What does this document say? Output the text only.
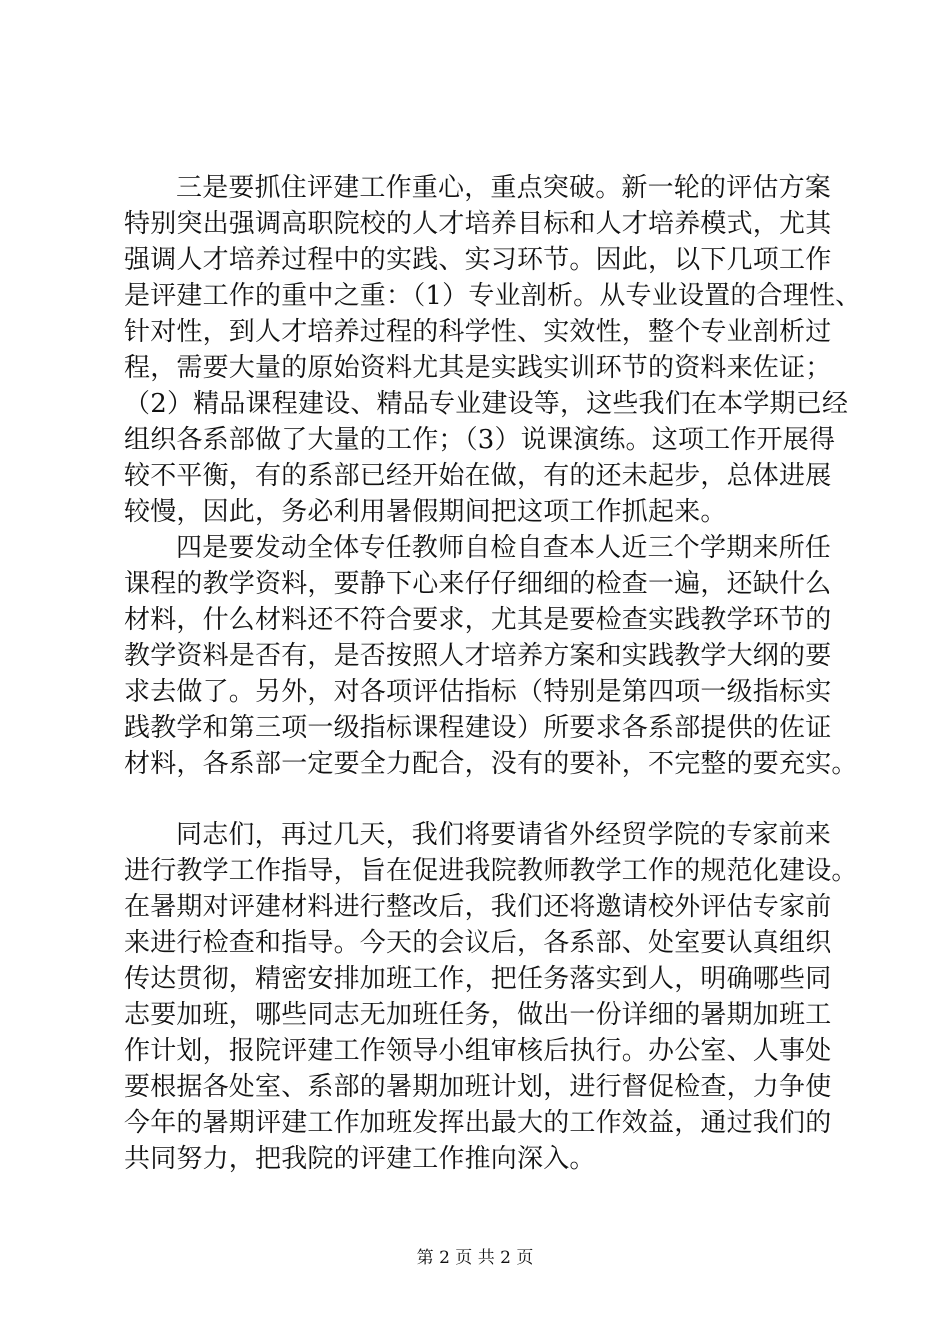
三是要抓住评建工作重心，重点突破。新一轮的评估方案
特别突出强调高职院校的人才培养目标和人才培养模式，尤其
强调人才培养过程中的实践、实习环节。因此，以下几项工作
是评建工作的重中之重：（1）专业剖析。从专业设置的合理性、
针对性，到人才培养过程的科学性、实效性，整个专业剖析过
程，需要大量的原始资料尤其是实践实训环节的资料来佐证；
（2）精品课程建设、精品专业建设等，这些我们在本学期已经
组织各系部做了大量的工作；（3）说课演练。这项工作开展得
较不平衡，有的系部已经开始在做，有的还未起步，总体进展
较慢，因此，务必利用暑假期间把这项工作抓起来。
四是要发动全体专任教师自检自查本人近三个学期来所任
课程的教学资料，要静下心来仔仔细细的检查一遍，还缺什么
材料，什么材料还不符合要求，尤其是要检查实践教学环节的
教学资料是否有，是否按照人才培养方案和实践教学大纲的要
求去做了。另外，对各项评估指标（特别是第四项一级指标实
践教学和第三项一级指标课程建设）所要求各系部提供的佐证
材料，各系部一定要全力配合，没有的要补，不完整的要充实。
同志们，再过几天，我们将要请省外经贸学院的专家前来
进行教学工作指导，旨在促进我院教师教学工作的规范化建设。
在暑期对评建材料进行整改后，我们还将邀请校外评估专家前
来进行检查和指导。今天的会议后，各系部、处室要认真组织
传达贯彻，精密安排加班工作，把任务落实到人，明确哪些同
志要加班，哪些同志无加班任务，做出一份详细的暑期加班工
作计划，报院评建工作领导小组审核后执行。办公室、人事处
要根据各处室、系部的暑期加班计划，进行督促检查，力争使
今年的暑期评建工作加班发挥出最大的工作效益，通过我们的
共同努力，把我院的评建工作推向深入。
第 2 页 共 2 页
